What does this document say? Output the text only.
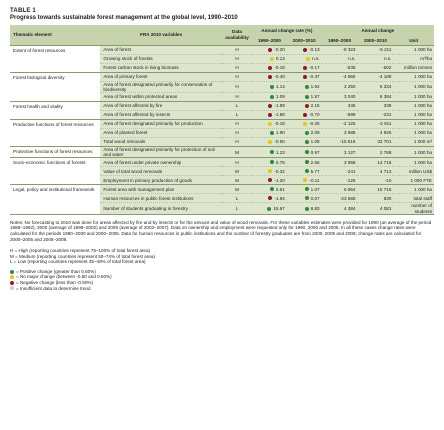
TABLE 1
Progress towards sustainable forest management at the global level, 1990–2010
Thematic element	FRA 2010 variables	Data availability	Annual change rate (%)		Annual change		
			1990–2000	2000–2010	1990–2000	2000–2010	Unit
Extent of forest resources	Area of forest	H	-0.20	-0.13	-8 323	-5 211	1 000 ha
	Growing stock of forests	H	0.13	n.s.	n.s.	n.s.	m³/ha
	Forest carbon stock in living biomass	H	-0.18	-0.17	-538	-502	million tonnes
Forest biological diversity	Area of primary forest	H	-0.40	-0.37	-4 666	-4 188	1 000 ha
	Area of forest designated primarily for conservation of biodiversity	H	1.14	1.92	3 250	6 334	1 000 ha
	Area of forest within protected areas	H	1.09	1.97	3 040	6 384	1 000 ha
Forest health and vitality	Area of forest affected by fire	L	-1.89	2.15	345	338	1 000 ha
	Area of forest affected by insects	L	-1.88	-0.70	-699	-231	1 000 ha
Productive functions of forest resources	Area of forest designated primarily for production	H	-0.18	-0.25	-2 125	-2 911	1 000 ha
	Area of planted forest	H	1.90	2.09	3 688	4 925	1 000 ha
	Total wood removals	H	-0.50	1.08	-15 616	33 701	1 000 m³
Protective functions of forest resources	Area of forest designated primarily for protection of soil and water	M	1.23	0.97	3 127	2 768	1 000 ha
Socio-economic functions of forests	Area of forest under private ownership	H	0.75	2.56	3 958	14 718	1 000 ha
	Value of total wood removals	M	-0.32	5.77	-241	4 713	million US$
	Employment in primary production of goods	M	-1.20	-0.11	-126	-10	1 000 FTE
Legal, policy and institutional framework	Forest area with management plan	M	0.51	1.07	6 964	15 716	1 000 ha
	Human resources in public forest institutions	L	-1.94	0.07	-23 568	830	total staff
	Number of students graduating in forestry	L	15.67	8.83	4 384	4 081	number of students
Notes: No forecasting to 2010 was done for areas affected by fire and by insects or for the amount and value of wood removals. For these variables estimates were provided for 1990 (an average of the period 1988–1992), 2000 (average of 1998–2002) and 2005 (average of 2003–2007). Data on ownership and employment were requested only for 1990, 2000 and 2005. In all these cases change rates were calculated for the periods 1990–2000 and 2000–2005. Data for human resources in public institutions and the number of forestry graduates are from 2000, 2005 and 2008; change rates are calculated for 2000–2005 and 2005–2008.
H = High (reporting countries represent 75–100% of total forest area)
M = Medium (reporting countries represent 50–74% of total forest area)
L = Low (reporting countries represent 25–49% of total forest area)
= Positive change (greater than 0.50%)
= No major change (between -0.50 and 0.50%)
= Negative change (less than -0.50%)
= Insufficient data to determine trend
